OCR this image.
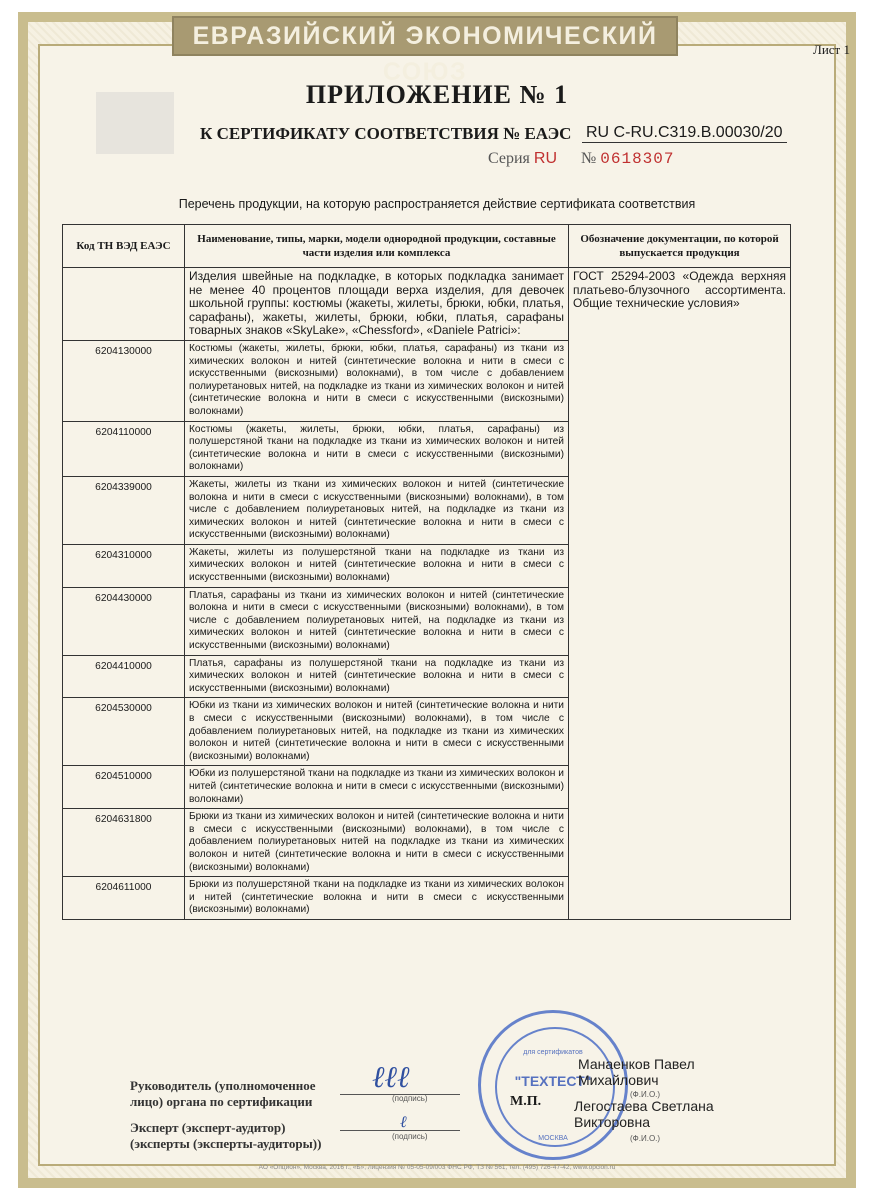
ЕВРАЗИЙСКИЙ ЭКОНОМИЧЕСКИЙ СОЮЗ
Лист 1
ПРИЛОЖЕНИЕ № 1
К СЕРТИФИКАТУ СООТВЕТСТВИЯ № ЕАЭС RU С-RU.С319.В.00030/20
Серия RU № 0618307
Перечень продукции, на которую распространяется действие сертификата соответствия
Код ТН ВЭД ЕАЭС	Наименование, типы, марки, модели однородной продукции, составные части изделия или комплекса	Обозначение документации, по которой выпускается продукция
	Изделия швейные на подкладке, в которых подкладка занимает не менее 40 процентов площади верха изделия, для девочек школьной группы: костюмы (жакеты, жилеты, брюки, юбки, платья, сарафаны), жакеты, жилеты, брюки, юбки, платья, сарафаны товарных знаков «SkyLake», «Chessford», «Daniele Patrici»:	ГОСТ 25294-2003 «Одежда верхняя платьево-блузочного ассортимента. Общие технические условия»
6204130000	Костюмы (жакеты, жилеты, брюки, юбки, платья, сарафаны) из ткани из химических волокон и нитей (синтетические волокна и нити в смеси с искусственными (вискозными) волокнами), в том числе с добавлением полиуретановых нитей, на подкладке из ткани из химических волокон и нитей (синтетические волокна и нити в смеси с искусственными (вискозными) волокнами)	
6204110000	Костюмы (жакеты, жилеты, брюки, юбки, платья, сарафаны) из полушерстяной ткани на подкладке из ткани из химических волокон и нитей (синтетические волокна и нити в смеси с искусственными (вискозными) волокнами)	
6204339000	Жакеты, жилеты из ткани из химических волокон и нитей (синтетические волокна и нити в смеси с искусственными (вискозными) волокнами), в том числе с добавлением полиуретановых нитей, на подкладке из ткани из химических волокон и нитей (синтетические волокна и нити в смеси с искусственными (вискозными) волокнами)	
6204310000	Жакеты, жилеты из полушерстяной ткани на подкладке из ткани из химических волокон и нитей (синтетические волокна и нити в смеси с искусственными (вискозными) волокнами)	
6204430000	Платья, сарафаны из ткани из химических волокон и нитей (синтетические волокна и нити в смеси с искусственными (вискозными) волокнами), в том числе с добавлением полиуретановых нитей, на подкладке из ткани из химических волокон и нитей (синтетические волокна и нити в смеси с искусственными (вискозными) волокнами)	
6204410000	Платья, сарафаны из полушерстяной ткани на подкладке из ткани из химических волокон и нитей (синтетические волокна и нити в смеси с искусственными (вискозными) волокнами)	
6204530000	Юбки из ткани из химических волокон и нитей (синтетические волокна и нити в смеси с искусственными (вискозными) волокнами), в том числе с добавлением полиуретановых нитей, на подкладке из ткани из химических волокон и нитей (синтетические волокна и нити в смеси с искусственными (вискозными) волокнами)	
6204510000	Юбки из полушерстяной ткани на подкладке из ткани из химических волокон и нитей (синтетические волокна и нити в смеси с искусственными (вискозными) волокнами)	
6204631800	Брюки из ткани из химических волокон и нитей (синтетические волокна и нити в смеси с искусственными (вискозными) волокнами), в том числе с добавлением полиуретановых нитей на подкладке из ткани из химических волокон и нитей (синтетические волокна и нити в смеси с искусственными (вискозными) волокнами)	
6204611000	Брюки из полушерстяной ткани на подкладке из ткани из химических волокон и нитей (синтетические волокна и нити в смеси с искусственными (вискозными) волокнами)	
Руководитель (уполномоченное
лицо) органа по сертификации
Эксперт (эксперт-аудитор)
(эксперты (эксперты-аудиторы))
ℓℓℓ
ℓ
(подпись)
(подпись)
для сертификатов
"ТЕХТЕСТ"
МОСКВА
М.П.
Манаенков Павел
Михайлович
(Ф.И.О.)
Легостаева Светлана
Викторовна
(Ф.И.О.)
АО «Опцион», Москва, 2016 г., «Б», лицензия № 05-05-09/003 ФНС РФ, ТЗ № 561, тел. (495) 726-47-42, www.opcion.ru
